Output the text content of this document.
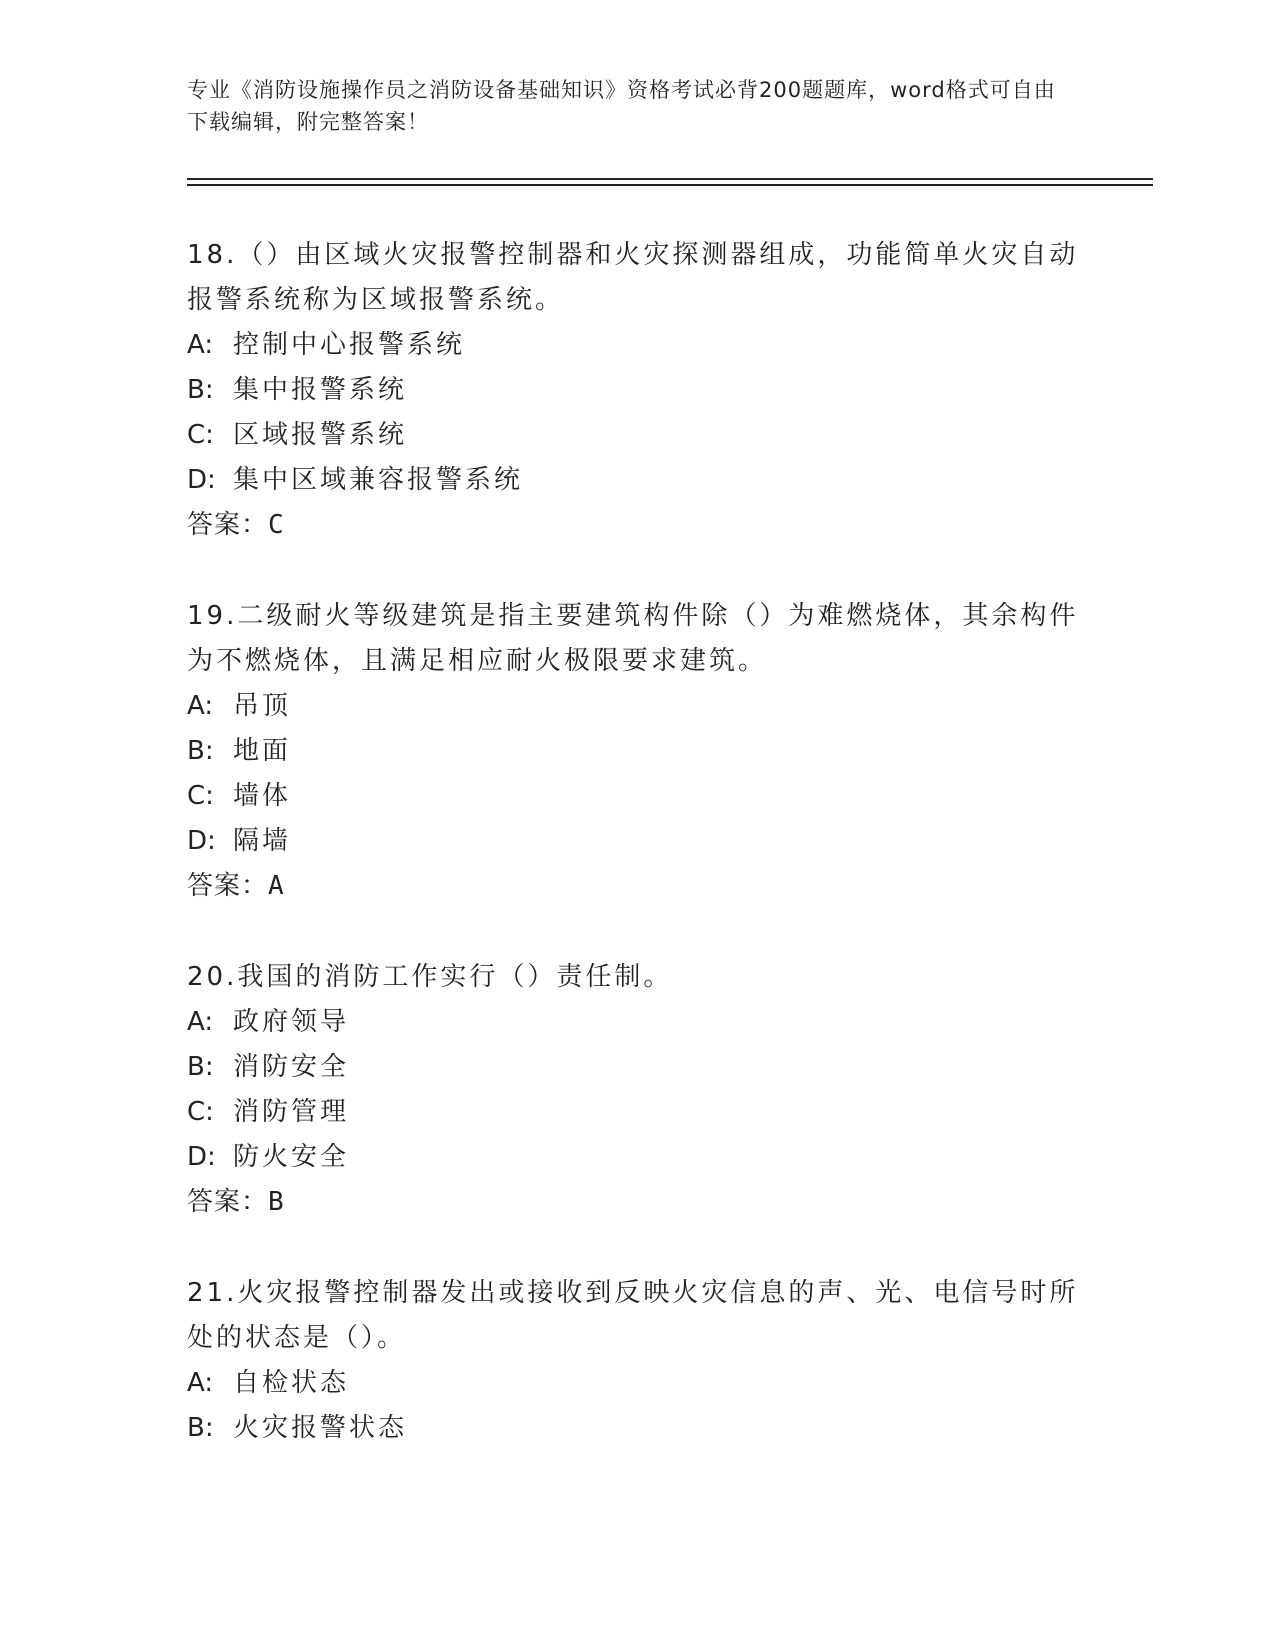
专业《消防设施操作员之消防设备基础知识》资格考试必背200题题库，word格式可自由下载编辑，附完整答案！
18.（）由区域火灾报警控制器和火灾探测器组成，功能简单火灾自动报警系统称为区域报警系统。
A: 控制中心报警系统
B: 集中报警系统
C: 区域报警系统
D: 集中区域兼容报警系统
答案：C
19.二级耐火等级建筑是指主要建筑构件除（）为难燃烧体，其余构件为不燃烧体，且满足相应耐火极限要求建筑。
A: 吊顶
B: 地面
C: 墙体
D: 隔墙
答案：A
20.我国的消防工作实行（）责任制。
A: 政府领导
B: 消防安全
C: 消防管理
D: 防火安全
答案：B
21.火灾报警控制器发出或接收到反映火灾信息的声、光、电信号时所处的状态是（）。
A: 自检状态
B: 火灾报警状态
